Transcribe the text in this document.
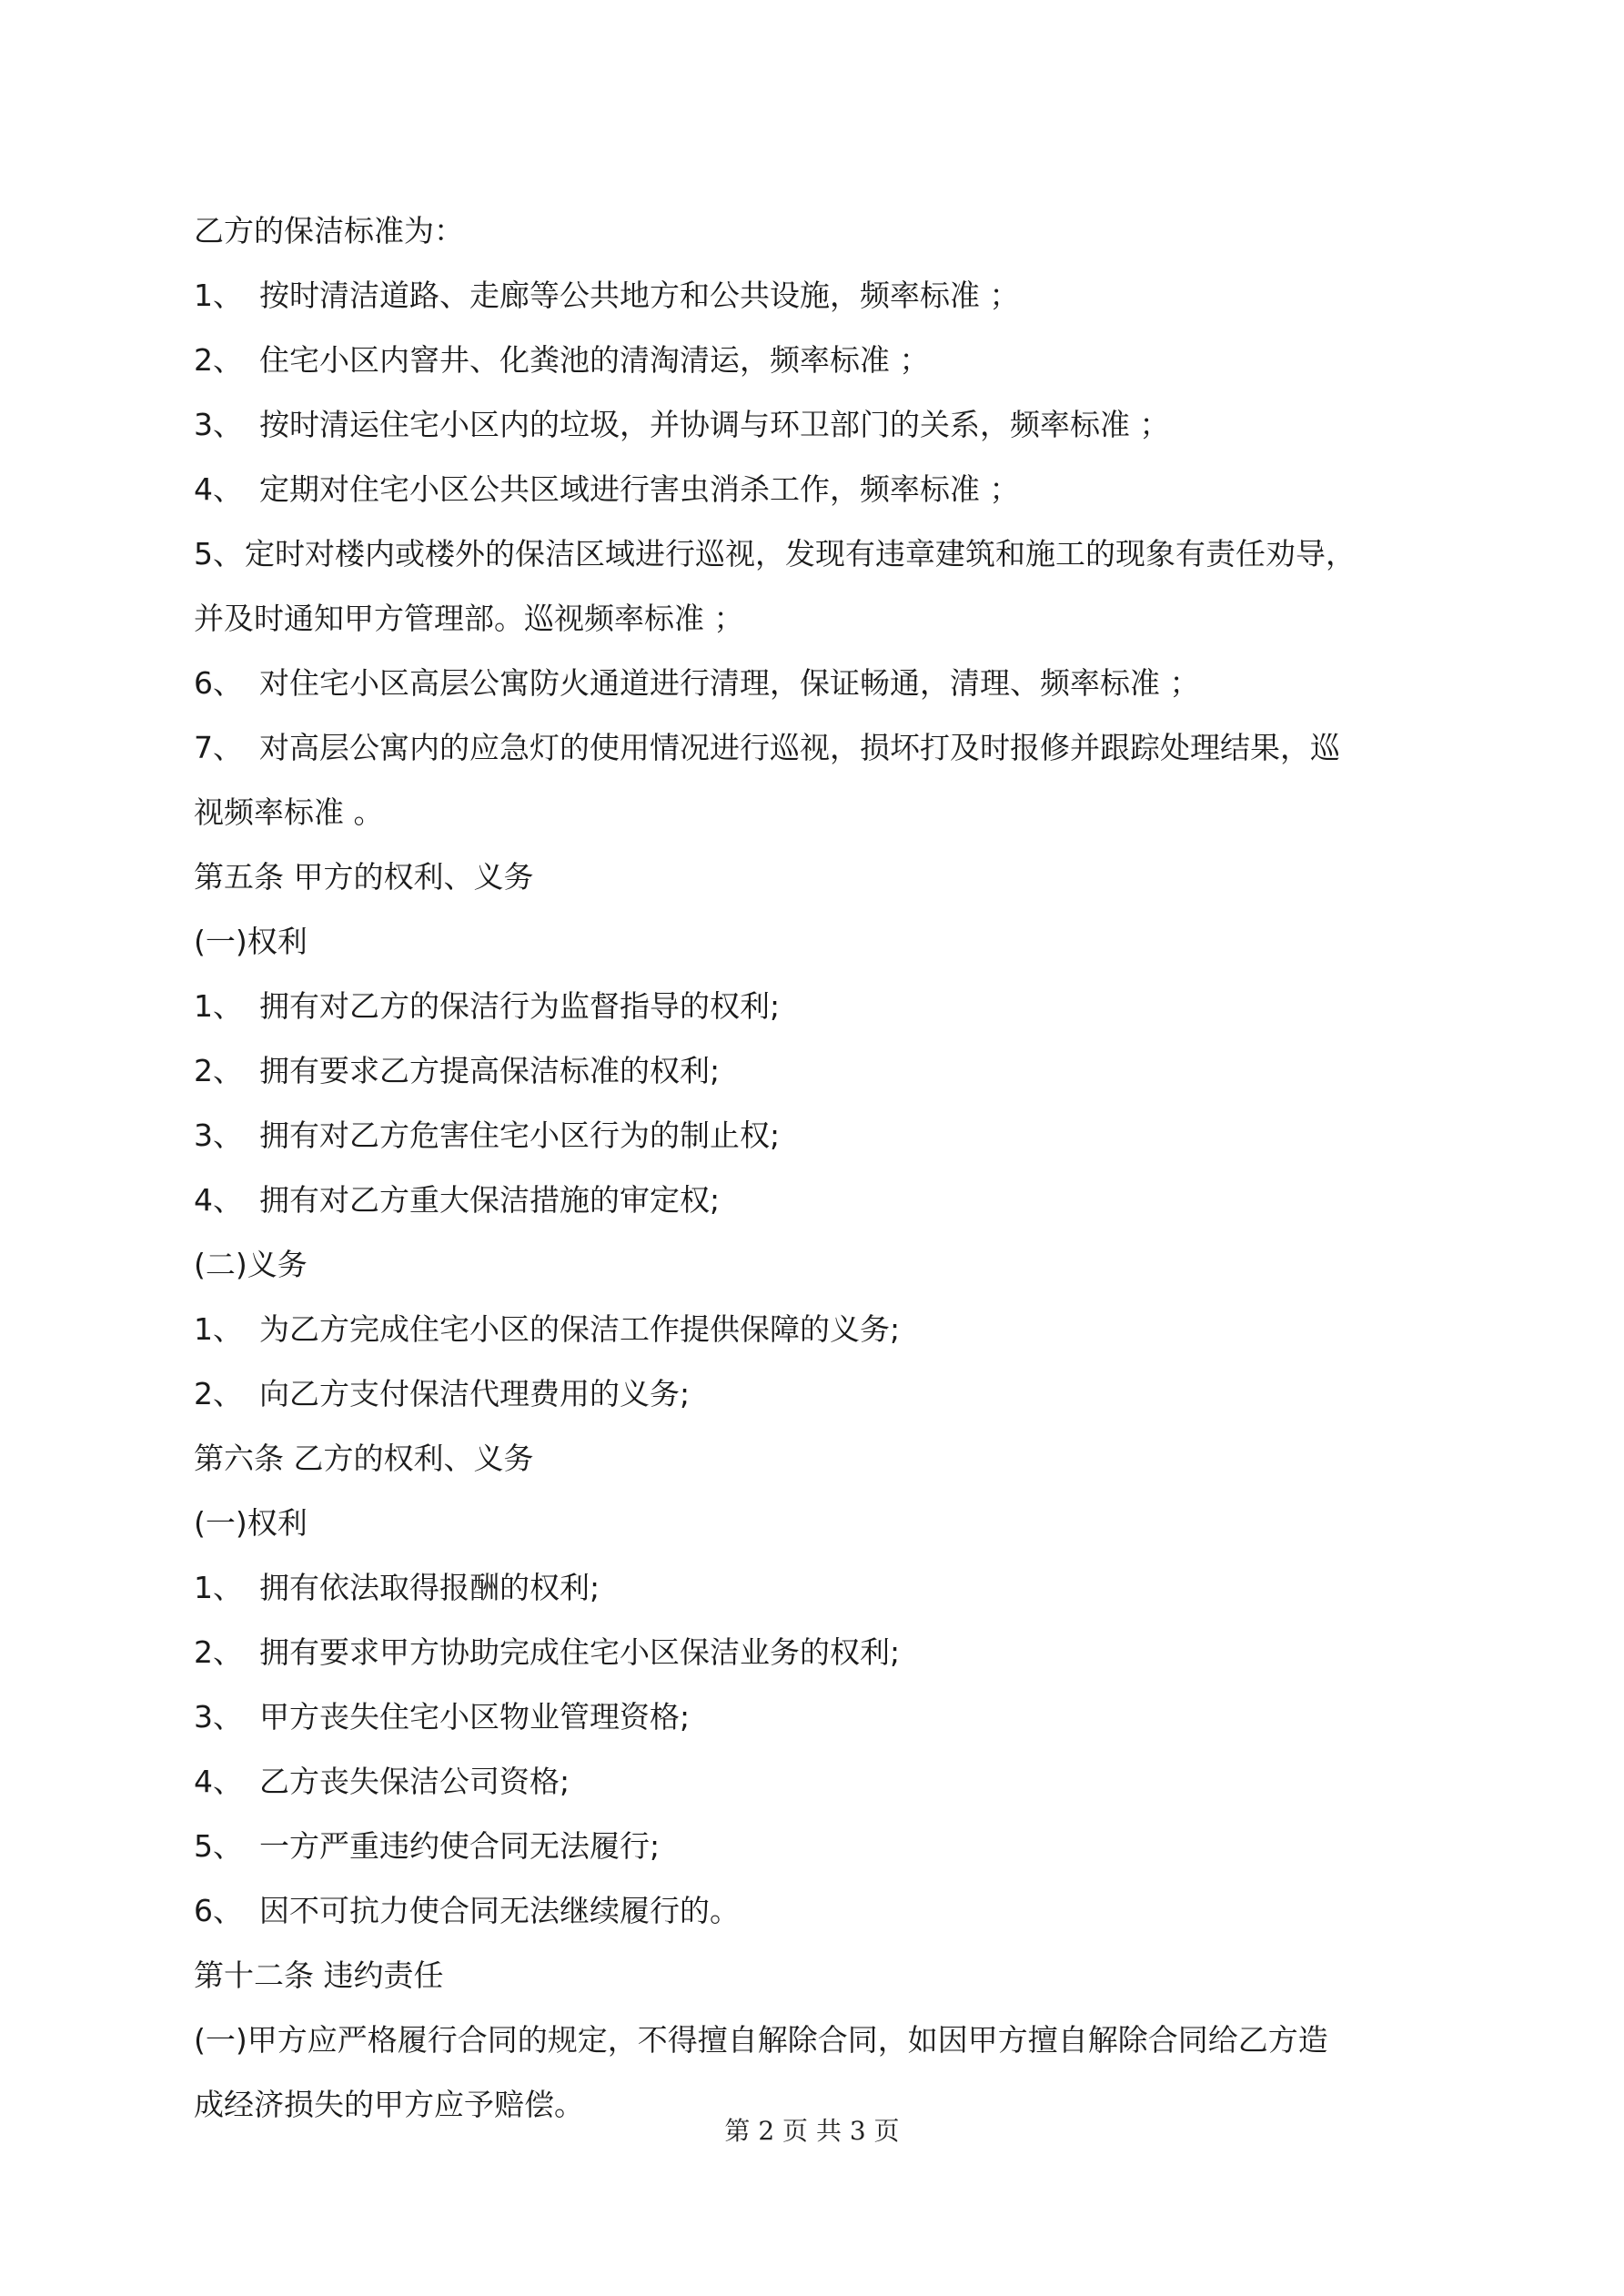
乙方的保洁标准为：

1、 按时清洁道路、走廊等公共地方和公共设施，频率标准 ；

2、 住宅小区内窨井、化粪池的清淘清运，频率标准 ；

3、 按时清运住宅小区内的垃圾，并协调与环卫部门的关系，频率标准 ；

4、 定期对住宅小区公共区域进行害虫消杀工作，频率标准 ；

5、定时对楼内或楼外的保洁区域进行巡视，发现有违章建筑和施工的现象有责任劝导，

并及时通知甲方管理部。巡视频率标准 ；

6、 对住宅小区高层公寓防火通道进行清理，保证畅通，清理、频率标准 ；

7、 对高层公寓内的应急灯的使用情况进行巡视，损坏打及时报修并跟踪处理结果，巡

视频率标准 。

第五条 甲方的权利、义务

(一)权利

1、 拥有对乙方的保洁行为监督指导的权利;

2、 拥有要求乙方提高保洁标准的权利;

3、 拥有对乙方危害住宅小区行为的制止权;

4、 拥有对乙方重大保洁措施的审定权;

(二)义务

1、 为乙方完成住宅小区的保洁工作提供保障的义务;

2、 向乙方支付保洁代理费用的义务;

第六条 乙方的权利、义务

(一)权利

1、 拥有依法取得报酬的权利;

2、 拥有要求甲方协助完成住宅小区保洁业务的权利;

3、 甲方丧失住宅小区物业管理资格;

4、 乙方丧失保洁公司资格;

5、 一方严重违约使合同无法履行;

6、 因不可抗力使合同无法继续履行的。

第十二条 违约责任

(一)甲方应严格履行合同的规定，不得擅自解除合同，如因甲方擅自解除合同给乙方造

成经济损失的甲方应予赔偿。

第 2 页 共 3 页
